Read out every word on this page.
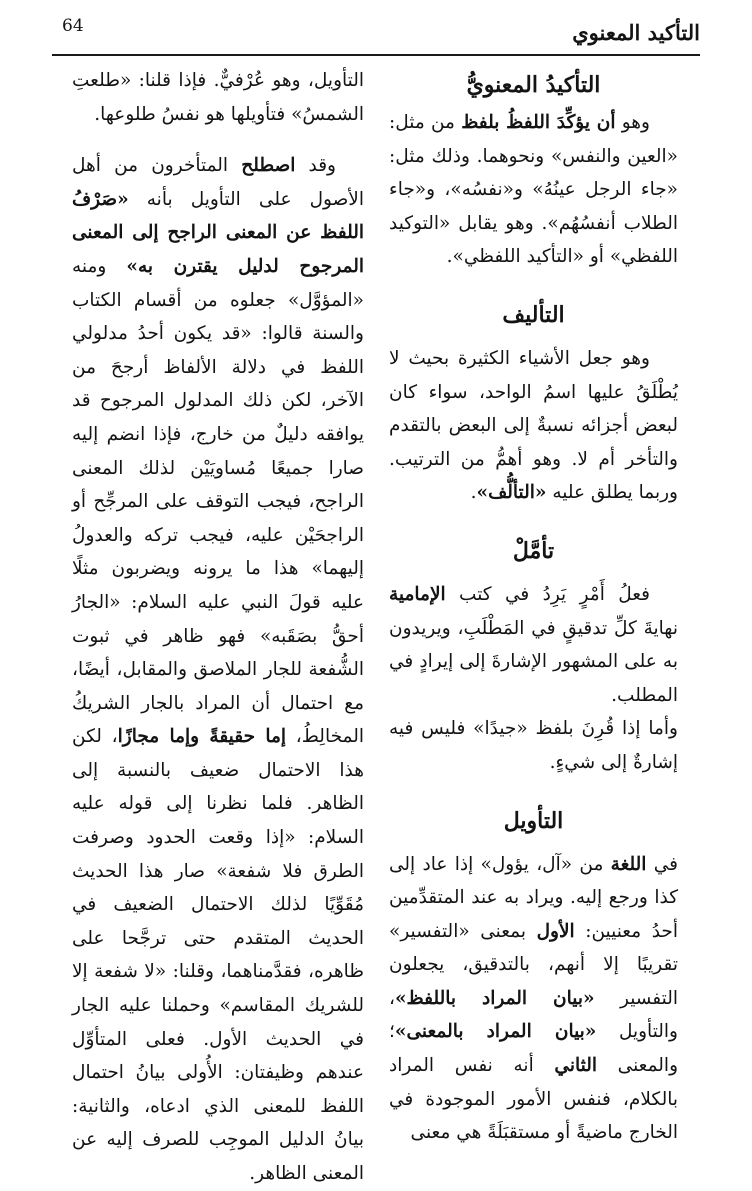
التأكيد المعنوي
64
التأكيدُ المعنويُّ

وهو أن يؤكِّدَ اللفظُ بلفظ من مثل: «العين والنفس» ونحوهما. وذلك مثل: «جاء الرجل عينُهُ» و«نفسُه»، و«جاء الطلاب أنفسُهُم». وهو يقابل «التوكيد اللفظي» أو «التأكيد اللفظي».

التأليف

وهو جعل الأشياء الكثيرة بحيث لا يُطْلَقُ عليها اسمُ الواحد، سواء كان لبعض أجزائه نسبةٌ إلى البعض بالتقدم والتأخر أم لا. وهو أهمُّ من الترتيب. وربما يطلق عليه «التألُّف».

تأمَّلْ

فعلُ أَمْرٍ يَرِدُ في كتب الإمامية نهايةَ كلِّ تدقيقٍ في المَطْلَبِ، ويريدون به على المشهور الإشارةَ إلى إيرادٍ في المطلب.

وأما إذا قُرِنَ بلفظ «جيدًا» فليس فيه إشارةٌ إلى شيءٍ.

التأويل

في اللغة من «آل، يؤول» إذا عاد إلى كذا ورجع إليه. ويراد به عند المتقدِّمين أحدُ معنيين: الأول بمعنى «التفسير» تقريبًا إلا أنهم، بالتدقيق، يجعلون التفسير «بيان المراد باللفظ»، والتأويل «بيان المراد بالمعنى»؛ والمعنى الثاني أنه نفس المراد بالكلام، فنفس الأمور الموجودة في الخارج ماضيةً أو مستقبَلَةً هي معنى

التأويل، وهو عُرْفيٌّ. فإذا قلنا: «طلعتِ الشمسُ» فتأويلها هو نفسُ طلوعها.

وقد اصطلح المتأخرون من أهل الأصول على التأويل بأنه «صَرْفُ اللفظ عن المعنى الراجح إلى المعنى المرجوح لدليل يقترن به» ومنه «المؤوَّل» جعلوه من أقسام الكتاب والسنة قالوا: «قد يكون أحدُ مدلولي اللفظ في دلالة الألفاظ أرجحَ من الآخر، لكن ذلك المدلول المرجوح قد يوافقه دليلٌ من خارج، فإذا انضم إليه صارا جميعًا مُساويَيْن لذلك المعنى الراجح، فيجب التوقف على المرجِّح أو الراجحَيْن عليه، فيجب تركه والعدولُ إليهما» هذا ما يرونه ويضربون مثلًا عليه قولَ النبي عليه السلام: «الجارُ أحقُّ بصَقَبه» فهو ظاهر في ثبوت الشُّفعة للجار الملاصق والمقابل، أيضًا، مع احتمال أن المراد بالجار الشريكُ المخالِطُ، إما حقيقةً وإما مجازًا، لكن هذا الاحتمال ضعيف بالنسبة إلى الظاهر. فلما نظرنا إلى قوله عليه السلام: «إذا وقعت الحدود وصرفت الطرق فلا شفعة» صار هذا الحديث مُقَوِّيًا لذلك الاحتمال الضعيف في الحديث المتقدم حتى ترجَّحا على ظاهره، فقدَّمناهما، وقلنا: «لا شفعة إلا للشريك المقاسم» وحملنا عليه الجار في الحديث الأول. فعلى المتأوِّل عندهم وظيفتان: الأُولى بيانُ احتمال اللفظ للمعنى الذي ادعاه، والثانية: بيانُ الدليل الموجِب للصرف إليه عن المعنى الظاهر.
